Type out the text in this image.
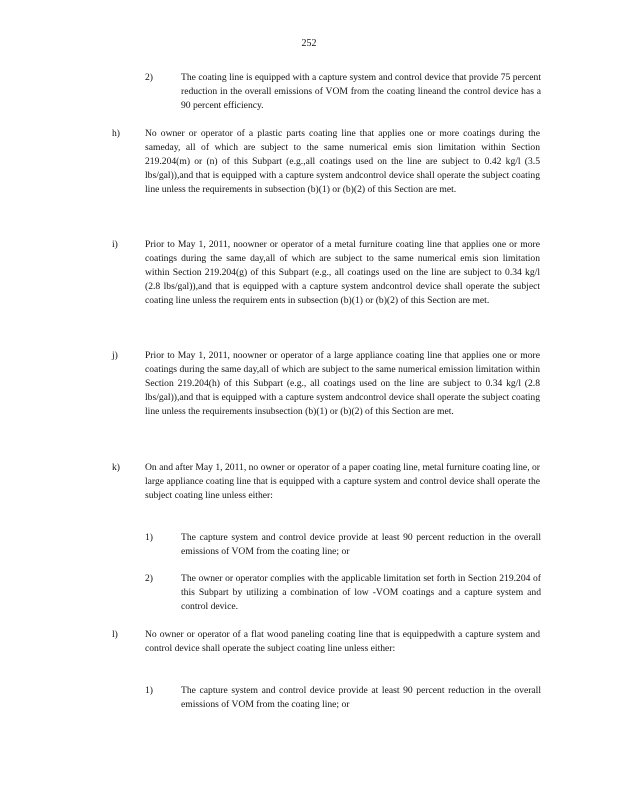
252
2)	The coating line is equipped with a capture system and control device that provide 75 percent reduction in the overall emissions of VOM from the coating lineand the control device has a 90 percent efficiency.
h)	No owner or operator of a plastic parts coating line that applies one or more coatings during the sameday, all of which are subject to the same numerical emis sion limitation within Section 219.204(m) or (n) of this Subpart (e.g.,all coatings used on the line are subject to 0.42 kg/l (3.5 lbs/gal)),and that is equipped with a capture system andcontrol device shall operate the subject coating line unless the requirements in subsection (b)(1) or (b)(2) of this Section are met.
i)	Prior to May 1, 2011, noowner or operator of a metal furniture coating line that applies one or more coatings during the same day,all of which are subject to the same numerical emis sion limitation within Section 219.204(g) of this Subpart (e.g., all coatings used on the line are subject to 0.34 kg/l (2.8 lbs/gal)),and that is equipped with a capture system andcontrol device shall operate the subject coating line unless the requirem ents in subsection (b)(1) or (b)(2) of this Section are met.
j)	Prior to May 1, 2011, noowner or operator of a large appliance coating line that applies one or more coatings during the same day,all of which are subject to the same numerical emission limitation within Section 219.204(h) of this Subpart (e.g., all coatings used on the line are subject to 0.34 kg/l (2.8 lbs/gal)),and that is equipped with a capture system andcontrol device shall operate the subject coating line unless the requirements insubsection (b)(1) or (b)(2) of this Section are met.
k)	On and after May 1, 2011, no owner or operator of a paper coating line, metal furniture coating line, or large appliance coating line that is equipped with a capture system and control device shall operate the subject coating line unless either:
1)	The capture system and control device provide at least 90 percent reduction in the overall emissions of VOM from the coating line; or
2)	The owner or operator complies with the applicable limitation set forth in Section 219.204 of this Subpart by utilizing a combination of low -VOM coatings and a capture system and control device.
l)	No owner or operator of a flat wood paneling coating line that is equippedwith a capture system and control device shall operate the subject coating line unless either:
1)	The capture system and control device provide at least 90 percent reduction in the overall emissions of VOM from the coating line; or
